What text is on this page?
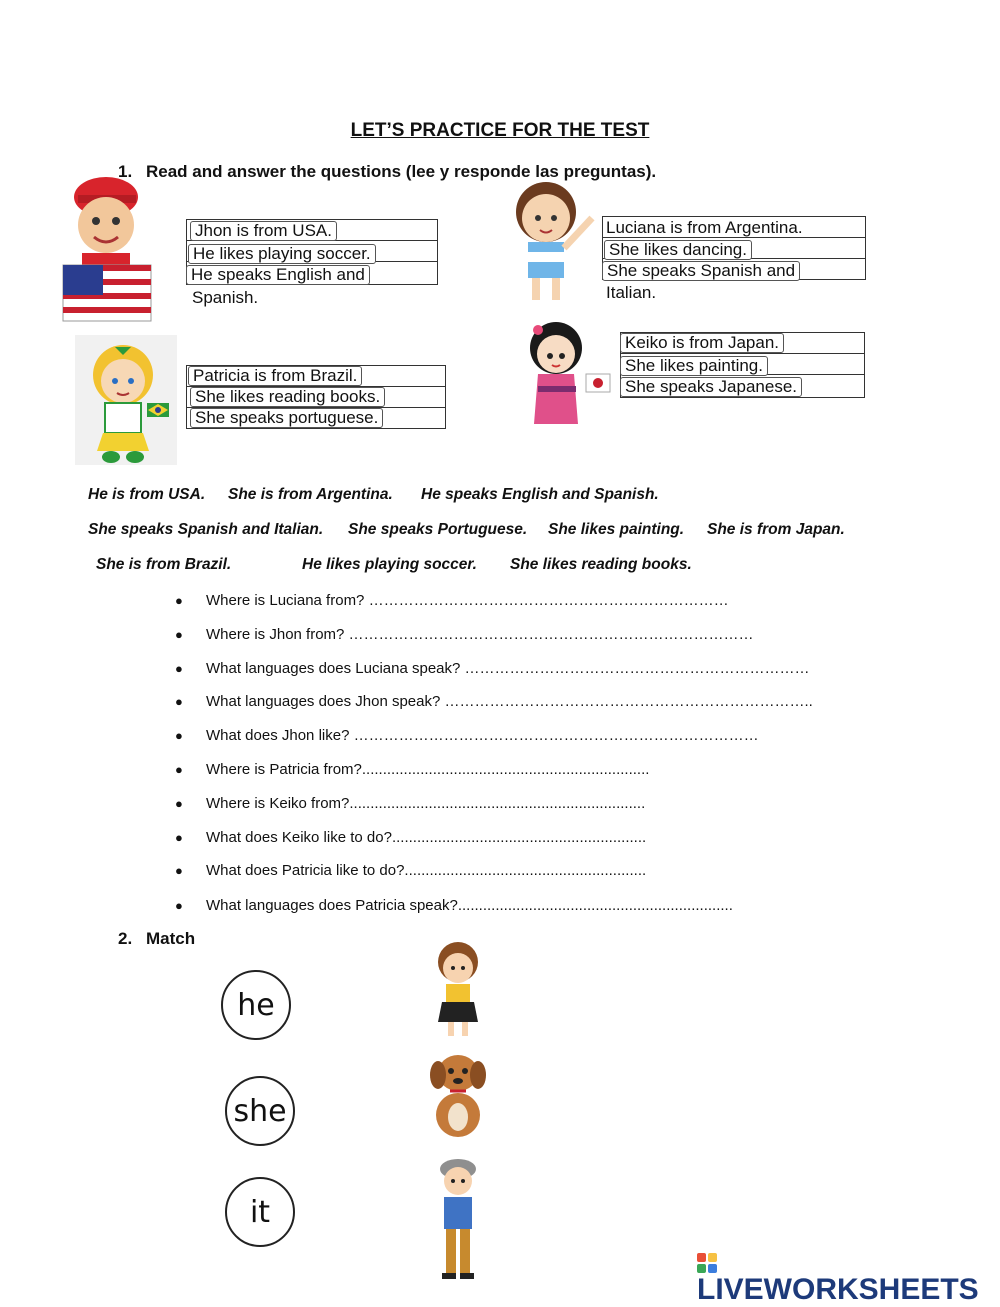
LET’S PRACTICE FOR THE TEST
1. Read and answer the questions (lee y responde las preguntas).
Jhon is from USA.
He likes playing soccer.
He speaks English and
Spanish.
Luciana is from Argentina.
She likes dancing.
She speaks Spanish and
Italian.
Patricia is from Brazil.
She likes reading books.
She speaks portuguese.
Keiko is from Japan.
She likes painting.
She speaks Japanese.
He is from USA. She is from Argentina. He speaks English and Spanish.
She speaks Spanish and Italian. She speaks Portuguese. She likes painting. She is from Japan.
She is from Brazil.	He likes playing soccer. She likes reading books.
● Where is Luciana from? ………………………………………………………………
● Where is Jhon from? ………………………………………………………………………
● What languages does Luciana speak? ……………………………………………………………
● What languages does Jhon speak? ………………………………………………………………..
● What does Jhon like? ………………………………………………………………………
● Where is Patricia from?.....................................................................
● Where is Keiko from?.......................................................................
● What does Keiko like to do?.............................................................
● What does Patricia like to do?..........................................................
● What languages does Patricia speak?..................................................................
2. Match
he
she
it
LIVEWORKSHEETS
